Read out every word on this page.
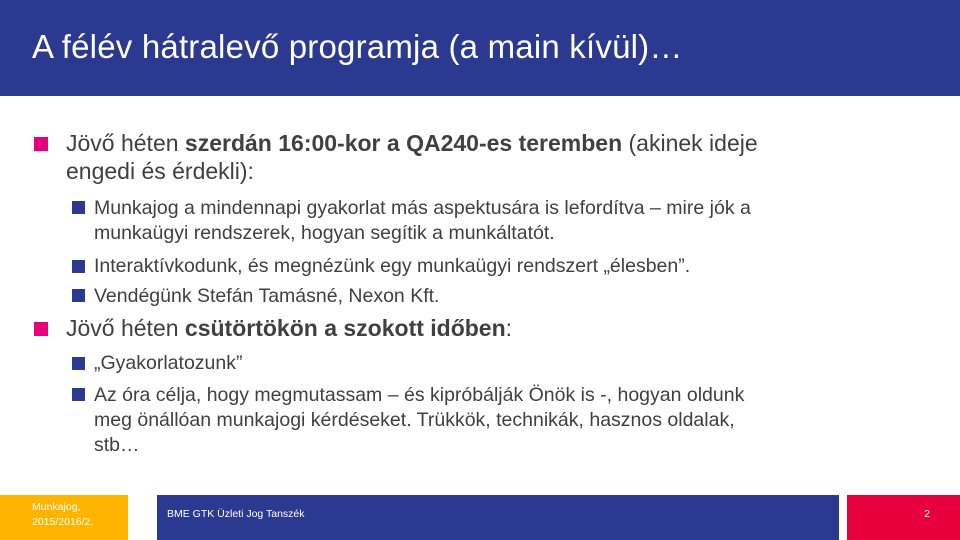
A félév hátralevő programja (a main kívül)…
Jövő héten szerdán 16:00-kor a QA240-es teremben (akinek ideje
engedi és érdekli):
Munkajog a mindennapi gyakorlat más aspektusára is lefordítva – mire jók a
munkaügyi rendszerek, hogyan segítik a munkáltatót.
Interaktívkodunk, és megnézünk egy munkaügyi rendszert „élesben”.
Vendégünk Stefán Tamásné, Nexon Kft.
Jövő héten csütörtökön a szokott időben:
„Gyakorlatozunk”
Az óra célja, hogy megmutassam – és kipróbálják Önök is -, hogyan oldunk
meg önállóan munkajogi kérdéseket. Trükkök, technikák, hasznos oldalak,
stb…
Munkajog,
2015/2016/2.
BME GTK Üzleti Jog Tanszék	2
